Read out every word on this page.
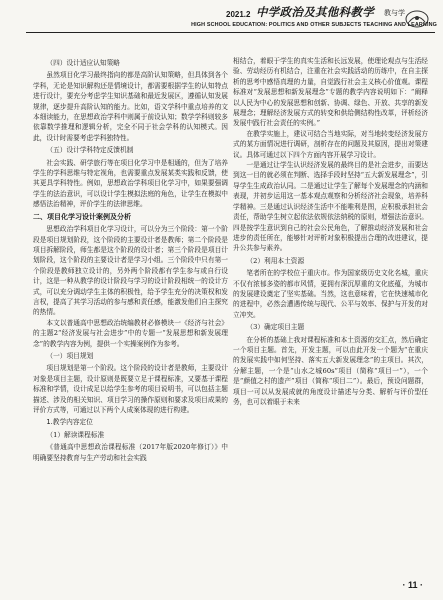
2021.2 中学政治及其他科教学 教与学
HIGH SCHOOL EDUCATION: POLITICS AND OTHER SUBJECTS TEACHING AND LEARNING

（四）设计适应认知策略

虽然项目化学习最终指向的都是高阶认知策略，但具体到各个学科，无论是知识解构还是情境设计，都需要根据学生的认知特点进行设计，要充分考虑学生知识基础和最近发展区，遵循认知发展规律，逐步提升高阶认知的能力。比如，语文学科中重点培养的文本细读能力，在思想政治学科中则属于前设认知；数学学科则较多依靠数学推理和逻辑分析，完全不同于社会学科的认知模式。因此，设计时需要考虑学科独特性。

（五）设计学科特定反馈机制

社会实践、研学旅行等在项目化学习中是相通的，但为了培养学生的学科思维与特定视角，也需要重点发展某类实践和反馈，使其更具学科特性。例如，思想政治学科项目化学习中，如果要强调学生的法治意识，可以设计学生模拟法庭的角色，让学生在模拟中感悟法治精神，评价学生的法律思维。

二、项目化学习设计案例及分析

思想政治学科项目化学习设计，可以分为三个阶段：第一个阶段是项目规划阶段，这个阶段的主要设计者是教师；第二个阶段是项目拆解阶段，师生都是这个阶段的设计者；第三个阶段是项目计划阶段，这个阶段的主要设计者是学习小组。三个阶段中只有第一个阶段是教师独立设计的，另外两个阶段都有学生参与或自行设计，这是一种从教学的设计阶段与学习的设计阶段相统一的设计方式，可以充分调动学生主体的积极性，给予学生充分的决策权和发言权，提高了其学习活动的参与感和责任感，能激发他们自主探究的热情。

本文以普通高中思想政治统编教材必修模块一《经济与社会》的主题2“经济发展与社会进步”中的专题一“发展思想和新发展理念”的教学内容为例，提供一个实操案例作为参考。

（一）项目规划

项目规划是第一个阶段。这个阶段的设计者是教师，主要设计对象是项目主题，设计原则是既要立足于课程标准，又要基于课程标准和学情，设计成足以给学生参考的项目说明书，可以包括主题描述、涉及的相关知识、项目学习的操作原则和要求及项目成果的评价方式等，可通过以下两个人成案体现的进行构建。

1.教学内容定位

（1）解读课程标准

《普通高中思想政治课程标准（2017年版2020年修订）》中明确要坚持教育与生产劳动和社会实践

相结合，着眼于学生的真实生活和长远发展，使理论观点与生活经验、劳动经历有机结合，注重在社会实践活动的历练中，在自主探析的思考中感悟真理的力量，自觉践行社会主义核心价值观。课程标准对“发展思想和新发展理念”专题的教学内容说明如下：“阐释以人民为中心的发展思想和创新、协调、绿色、开放、共享的新发展理念；理解经济发展方式的转变和供给侧结构性改革，评析经济发展中践行社会责任的实例。”

在教学实施上，建议可结合当地实际，对当地转变经济发展方式的某方面情况进行调研，剖析存在的问题及其原因，提出对策建议。具体可通过以下四个方面内容开展学习设计。

一是通过让学生认识经济发展的最终目的是社会进步，而要达到这一目的就必须在判断、选择手段时坚持“五大新发展理念”，引导学生生成政治认同。二是通过让学生了解每个发展理念的内涵和表现，并初步运用这一基本观点观察和分析经济社会现象，培养科学精神。三是通过认识经济生活中不能唯利是图，应积极承担社会责任，帮助学生树立起依法依规依法纳税的原则，增强法治意识。四是按学生意识到自己的社会公民角色，了解推动经济发展和社会进步的责任所在，能够针对评析对象积极提出合理的改进建议，提升公共参与素养。

（2）利用本土资源

笔者所在的学校位于重庆市。作为国家级历史文化名城，重庆不仅有浓郁多姿的都市风情，更拥有深沉厚重的文化底蕴，为城市的发展建设奠定了坚实基础。当然，这也意味着，它在快速城市化的进程中，必然会遭遇传统与现代、公平与效率、保护与开发的对立冲突。

（3）确定项目主题

在分析的基础上我对课程标准和本土资源的交汇点，然后确定一个项目主题。首先，开发主题，可以由此开发一个题为“在重庆的发展实践中如何坚持、落实五大新发展理念”的主项目。其次，分解主题，一个是“山水之城60s”项目（简称“项目一”），一个是“颜值之村的遗产”项目（简称“项目二”）。最后，预设问题群，项目一可以从发展成就的角度设计描述与分类、解析与评价型任务，也可以着眼于未来

· 11 ·
